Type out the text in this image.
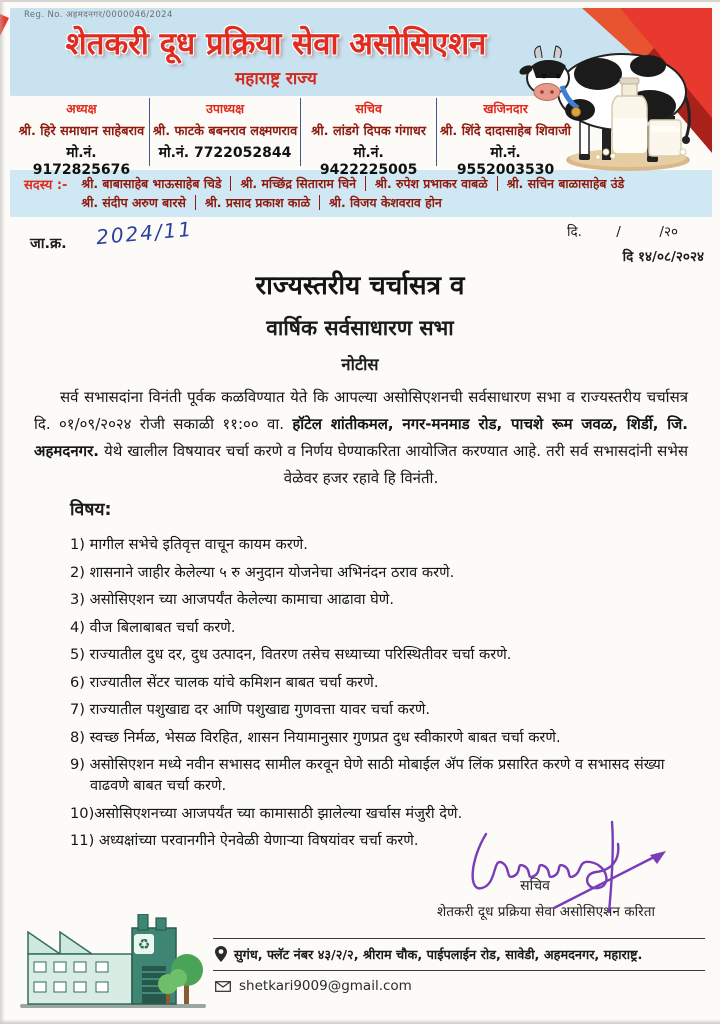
Reg. No. अहमदनगर/0000046/2024
शेतकरी दूध प्रक्रिया सेवा असोसिएशन
महाराष्ट्र राज्य
अध्यक्ष
श्री. हिरे समाधान साहेबराव
मो.नं. 9172825676
उपाध्यक्ष
श्री. फाटके बबनराव लक्ष्मणराव
मो.नं. 7722052844
सचिव
श्री. लांडगे दिपक गंगाधर
मो.नं. 9422225005
खजिनदार
श्री. शिंदे दादासाहेब शिवाजी
मो.नं. 9552003530
सदस्य :- श्री. बाबासाहेब भाऊसाहेब चिडे श्री. मच्छिंद्र सिताराम चिने श्री. रुपेश प्रभाकर वाबळे श्री. सचिन बाळासाहेब उंडे
श्री. संदीप अरुण बारसे श्री. प्रसाद प्रकाश काळे श्री. विजय केशवराव होन
जा.क्र. 2024/11	दि.        /         /२०
दि १४/०८/२०२४
राज्यस्तरीय चर्चासत्र व
वार्षिक सर्वसाधारण सभा
नोटीस

सर्व सभासदांना विनंती पूर्वक कळविण्यात येते कि आपल्या असोसिएशनची सर्वसाधारण सभा व राज्यस्तरीय चर्चासत्र दि. ०१/०९/२०२४ रोजी सकाळी ११:०० वा. हॉटेल शांतीकमल, नगर-मनमाड रोड, पाचशे रूम जवळ, शिर्डी, जि. अहमदनगर. येथे खालील विषयावर चर्चा करणे व निर्णय घेण्याकरिता आयोजित करण्यात आहे. तरी सर्व सभासदांनी सभेस वेळेवर हजर रहावे हि विनंती.

विषय:
1) मागील सभेचे इतिवृत्त वाचून कायम करणे.
2) शासनाने जाहीर केलेल्या ५ रु अनुदान योजनेचा अभिनंदन ठराव करणे.
3) असोसिएशन च्या आजपर्यंत केलेल्या कामाचा आढावा घेणे.
4) वीज बिलाबाबत चर्चा करणे.
5) राज्यातील दुध दर, दुध उत्पादन, वितरण तसेच सध्याच्या परिस्थितीवर चर्चा करणे.
6) राज्यातील सेंटर चालक यांचे कमिशन बाबत चर्चा करणे.
7) राज्यातील पशुखाद्य दर आणि पशुखाद्य गुणवत्ता यावर चर्चा करणे.
8) स्वच्छ निर्मळ, भेसळ विरहित, शासन नियामानुसार गुणप्रत दुध स्वीकारणे बाबत चर्चा करणे.
9) असोसिएशन मध्ये नवीन सभासद सामील करवून घेणे साठी मोबाईल ॲप लिंक प्रसारित करणे व सभासद संख्या वाढवणे बाबत चर्चा करणे.
10)असोसिएशनच्या आजपर्यंत च्या कामासाठी झालेल्या खर्चास मंजुरी देणे.
11) अध्यक्षांच्या परवानगीने ऐनवेळी येणाऱ्या विषयांवर चर्चा करणे.
सचिव
शेतकरी दूध प्रक्रिया सेवा असोसिएशन करिता
♻
सुगंध, फ्लॅट नंबर ४३/२/२, श्रीराम चौक, पाईपलाईन रोड, सावेडी, अहमदनगर, महाराष्ट्र.
shetkari9009@gmail.com
